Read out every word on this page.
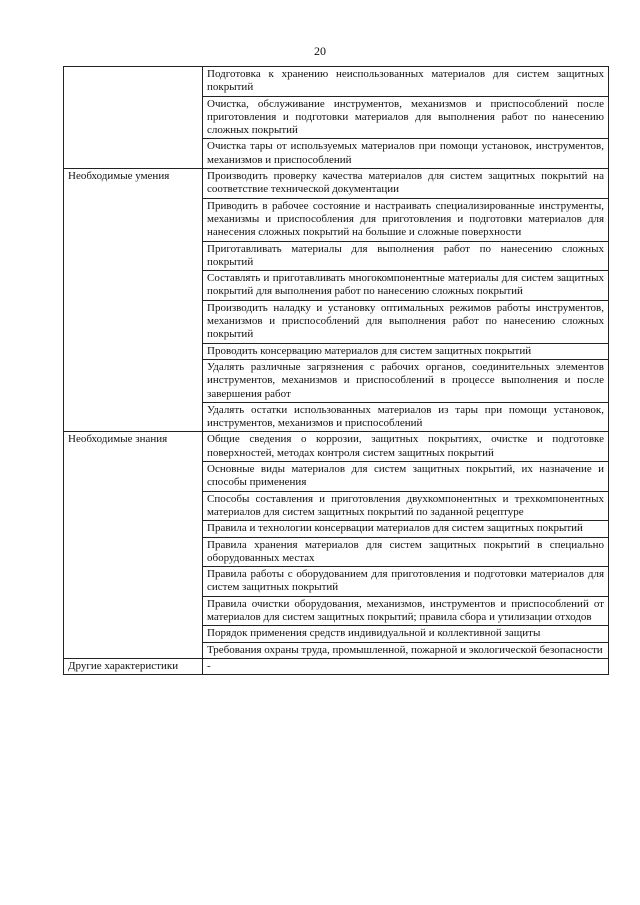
20
	Подготовка к хранению неиспользованных материалов для систем защитных покрытий
	Очистка, обслуживание инструментов, механизмов и приспособлений после приготовления и подготовки материалов для выполнения работ по нанесению сложных покрытий
	Очистка тары от используемых материалов при помощи установок, инструментов, механизмов и приспособлений
Необходимые умения	Производить проверку качества материалов для систем защитных покрытий на соответствие технической документации
	Приводить в рабочее состояние и настраивать специализированные инструменты, механизмы и приспособления для приготовления и подготовки материалов для нанесения сложных покрытий на большие и сложные поверхности
	Приготавливать материалы для выполнения работ по нанесению сложных покрытий
	Составлять и приготавливать многокомпонентные материалы для систем защитных покрытий для выполнения работ по нанесению сложных покрытий
	Производить наладку и установку оптимальных режимов работы инструментов, механизмов и приспособлений для выполнения работ по нанесению сложных покрытий
	Проводить консервацию материалов для систем защитных покрытий
	Удалять различные загрязнения с рабочих органов, соединительных элементов инструментов, механизмов и приспособлений в процессе выполнения и после завершения работ
	Удалять остатки использованных материалов из тары при помощи установок, инструментов, механизмов и приспособлений
Необходимые знания	Общие сведения о коррозии, защитных покрытиях, очистке и подготовке поверхностей, методах контроля систем защитных покрытий
	Основные виды материалов для систем защитных покрытий, их назначение и способы применения
	Способы составления и приготовления двухкомпонентных и трехкомпонентных материалов для систем защитных покрытий по заданной рецептуре
	Правила и технологии консервации материалов для систем защитных покрытий
	Правила хранения материалов для систем защитных покрытий в специально оборудованных местах
	Правила работы с оборудованием для приготовления и подготовки материалов для систем защитных покрытий
	Правила очистки оборудования, механизмов, инструментов и приспособлений от материалов для систем защитных покрытий; правила сбора и утилизации отходов
	Порядок применения средств индивидуальной и коллективной защиты
	Требования охраны труда, промышленной, пожарной и экологической безопасности
Другие характеристики	-
